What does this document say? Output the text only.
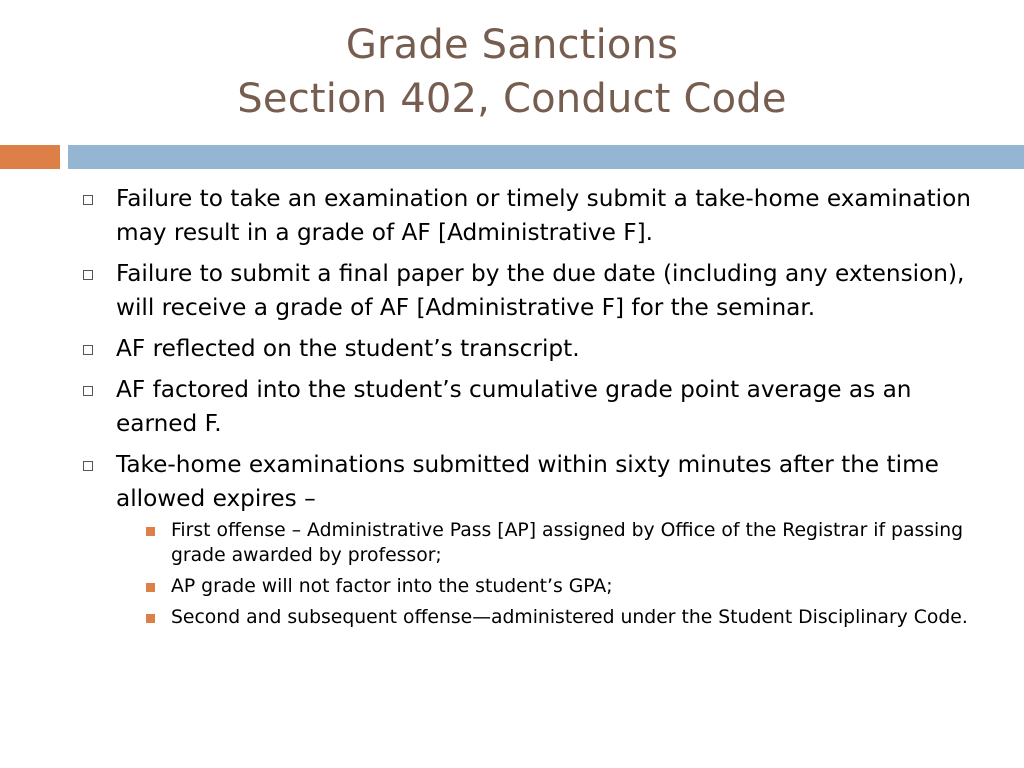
Grade Sanctions
Section 402, Conduct Code
Failure to take an examination or timely submit a take-home examination may result in a grade of AF [Administrative F].
Failure to submit a final paper by the due date (including any extension), will receive a grade of AF [Administrative F] for the seminar.
AF reflected on the student’s transcript.
AF factored into the student’s cumulative grade point average as an earned F.
Take-home examinations submitted within sixty minutes after the time allowed expires –
First offense – Administrative Pass [AP] assigned by Office of the Registrar if passing grade awarded by professor;
AP grade will not factor into the student’s GPA;
Second and subsequent offense—administered under the Student Disciplinary Code.
